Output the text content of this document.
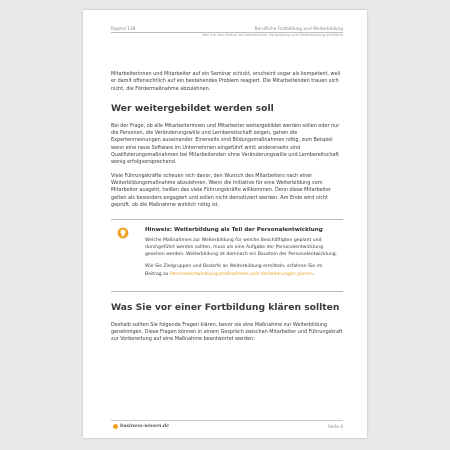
Kapitel 138	Berufliche Fortbildung und Weiterbildung
Wie Sie den Bedarf an betrieblicher Fortbildung und Weiterbildung ermitteln

Mitarbeiterinnen und Mitarbeiter auf ein Seminar schickt, erscheint sogar als kompetent, weil er damit offensichtlich auf ein bestehendes Problem reagiert. Die Mitarbeitenden trauen sich nicht, die Fördermaßnahme abzulehnen.

Wer weitergebildet werden soll

Bei der Frage, ob alle Mitarbeiterinnen und Mitarbeiter weitergebildet werden sollen oder nur die Personen, die Veränderungswille und Lernbereitschaft zeigen, gehen die Expertenmeinungen auseinander. Einerseits sind Bildungsmaßnahmen nötig, zum Beispiel wenn eine neue Software im Unternehmen eingeführt wird; andererseits sind Qualifizierungsmaßnahmen bei Mitarbeitenden ohne Veränderungswille und Lernbereitschaft wenig erfolgversprechend.

Viele Führungskräfte scheuen sich davor, den Wunsch des Mitarbeiters nach einer Weiterbildungsmaßnahme abzulehnen. Wenn die Initiative für eine Weiterbildung vom Mitarbeiter ausgeht, heißen das viele Führungskräfte willkommen. Denn diese Mitarbeiter gelten als besonders engagiert und sollen nicht demotiviert werden. Am Ende wird nicht geprüft, ob die Maßnahme wirklich nötig ist.

Hinweis: Weiterbildung als Teil der Personalentwicklung

Welche Maßnahmen zur Weiterbildung für welche Beschäftigten geplant und durchgeführt werden sollten, muss als eine Aufgabe der Personalentwicklung gesehen werden. Weiterbildung ist demnach ein Baustein der Personalentwicklung.

Wie Sie Zielgruppen und Bedarfe an Weiterbildung ermitteln, erfahren Sie im Beitrag zu Personalentwicklungsmaßnahmen und Veränderungen planen.

Was Sie vor einer Fortbildung klären sollten

Deshalb sollten Sie folgende Fragen klären, bevor sie eine Maßnahme zur Weiterbildung genehmigen. Diese Fragen können in einem Gespräch zwischen Mitarbeiter und Führungskraft zur Vorbereitung auf eine Maßnahme beantwortet werden:

business-wissen.de	Seite 4
